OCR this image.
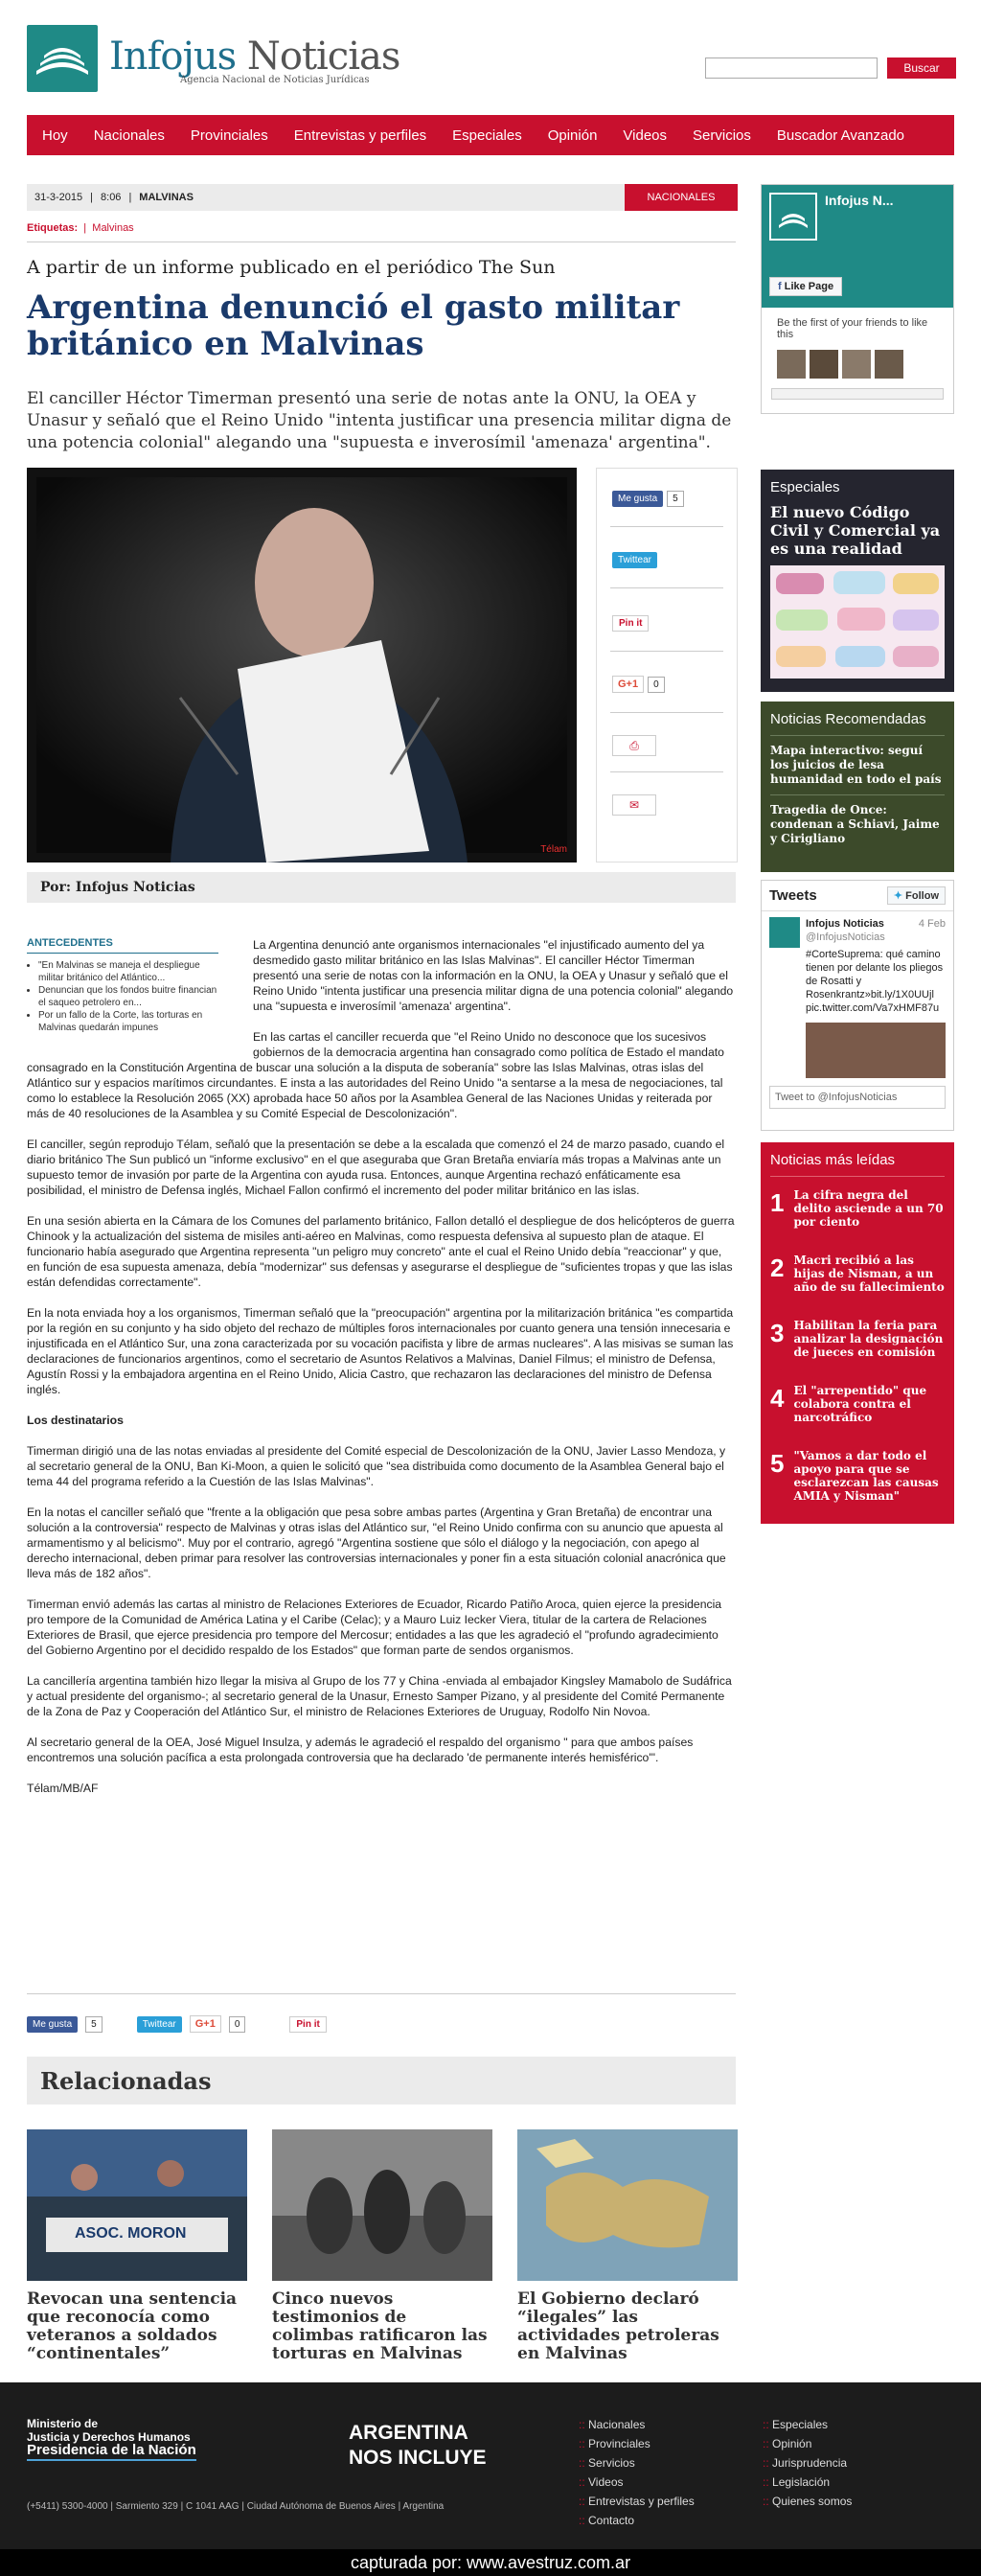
Infojus Noticias
Agencia Nacional de Noticias Jurídicas
Buscar
Hoy Nacionales Provinciales Entrevistas y perfiles Especiales Opinión Videos Servicios Buscador Avanzado
31-3-2015 | 8:06 | MALVINAS	NACIONALES
Etiquetas:  |  Malvinas
A partir de un informe publicado en el periódico The Sun
Argentina denunció el gasto militar británico en Malvinas
El canciller Héctor Timerman presentó una serie de notas ante la ONU, la OEA y Unasur y señaló que el Reino Unido "intenta justificar una presencia militar digna de una potencia colonial" alegando una "supuesta e inverosímil 'amenaza' argentina".
Télam
Me gusta	5
Twittear
Pin it
G+1	0
⎙
✉
Por: Infojus Noticias
ANTECEDENTES
• "En Malvinas se maneja el despliegue militar británico del Atlántico...
• Denuncian que los fondos buitre financian el saqueo petrolero en...
• Por un fallo de la Corte, las torturas en Malvinas quedarán impunes

La Argentina denunció ante organismos internacionales "el injustificado aumento del ya desmedido gasto militar británico en las Islas Malvinas". El canciller Héctor Timerman presentó una serie de notas con la información en la ONU, la OEA y Unasur y señaló que el Reino Unido "intenta justificar una presencia militar digna de una potencia colonial" alegando una "supuesta e inverosímil 'amenaza' argentina".

En las cartas el canciller recuerda que "el Reino Unido no desconoce que los sucesivos gobiernos de la democracia argentina han consagrado como política de Estado el mandato consagrado en la Constitución Argentina de buscar una solución a la disputa de soberanía" sobre las Islas Malvinas, otras islas del Atlántico sur y espacios marítimos circundantes. E insta a las autoridades del Reino Unido "a sentarse a la mesa de negociaciones, tal como lo establece la Resolución 2065 (XX) aprobada hace 50 años por la Asamblea General de las Naciones Unidas y reiterada por más de 40 resoluciones de la Asamblea y su Comité Especial de Descolonización".

El canciller, según reprodujo Télam, señaló que la presentación se debe a la escalada que comenzó el 24 de marzo pasado, cuando el diario británico The Sun publicó un "informe exclusivo" en el que aseguraba que Gran Bretaña enviaría más tropas a Malvinas ante un supuesto temor de invasión por parte de la Argentina con ayuda rusa. Entonces, aunque Argentina rechazó enfáticamente esa posibilidad, el ministro de Defensa inglés, Michael Fallon confirmó el incremento del poder militar británico en las islas.

En una sesión abierta en la Cámara de los Comunes del parlamento británico, Fallon detalló el despliegue de dos helicópteros de guerra Chinook y la actualización del sistema de misiles anti-aéreo en Malvinas, como respuesta defensiva al supuesto plan de ataque. El funcionario había asegurado que Argentina representa "un peligro muy concreto" ante el cual el Reino Unido debía "reaccionar" y que, en función de esa supuesta amenaza, debía "modernizar" sus defensas y asegurarse el despliegue de "suficientes tropas y que las islas están defendidas correctamente".

En la nota enviada hoy a los organismos, Timerman señaló que la "preocupación" argentina por la militarización británica "es compartida por la región en su conjunto y ha sido objeto del rechazo de múltiples foros internacionales por cuanto genera una tensión innecesaria e injustificada en el Atlántico Sur, una zona caracterizada por su vocación pacifista y libre de armas nucleares". A las misivas se suman las declaraciones de funcionarios argentinos, como el secretario de Asuntos Relativos a Malvinas, Daniel Filmus; el ministro de Defensa, Agustín Rossi y la embajadora argentina en el Reino Unido, Alicia Castro, que rechazaron las declaraciones del ministro de Defensa inglés.

Los destinatarios

Timerman dirigió una de las notas enviadas al presidente del Comité especial de Descolonización de la ONU, Javier Lasso Mendoza, y al secretario general de la ONU, Ban Ki-Moon, a quien le solicitó que "sea distribuida como documento de la Asamblea General bajo el tema 44 del programa referido a la Cuestión de las Islas Malvinas".

En la notas el canciller señaló que "frente a la obligación que pesa sobre ambas partes (Argentina y Gran Bretaña) de encontrar una solución a la controversia" respecto de Malvinas y otras islas del Atlántico sur, "el Reino Unido confirma con su anuncio que apuesta al armamentismo y al belicismo". Muy por el contrario, agregó "Argentina sostiene que sólo el diálogo y la negociación, con apego al derecho internacional, deben primar para resolver las controversias internacionales y poner fin a esta situación colonial anacrónica que lleva más de 182 años".

Timerman envió además las cartas al ministro de Relaciones Exteriores de Ecuador, Ricardo Patiño Aroca, quien ejerce la presidencia pro tempore de la Comunidad de América Latina y el Caribe (Celac); y a Mauro Luiz Iecker Viera, titular de la cartera de Relaciones Exteriores de Brasil, que ejerce presidencia pro tempore del Mercosur; entidades a las que les agradeció el "profundo agradecimiento del Gobierno Argentino por el decidido respaldo de los Estados" que forman parte de sendos organismos.

La cancillería argentina también hizo llegar la misiva al Grupo de los 77 y China -enviada al embajador Kingsley Mamabolo de Sudáfrica y actual presidente del organismo-; al secretario general de la Unasur, Ernesto Samper Pizano, y al presidente del Comité Permanente de la Zona de Paz y Cooperación del Atlántico Sur, el ministro de Relaciones Exteriores de Uruguay, Rodolfo Nin Novoa.

Al secretario general de la OEA, José Miguel Insulza, y además le agradeció el respaldo del organismo " para que ambos países encontremos una solución pacífica a esta prolongada controversia que ha declarado 'de permanente interés hemisférico'".

Télam/MB/AF

Infojus N...
f Like Page
Be the first of your friends to like this
Especiales
El nuevo Código Civil y Comercial ya es una realidad
Noticias Recomendadas
Mapa interactivo: seguí los juicios de lesa humanidad en todo el país
Tragedia de Once: condenan a Schiavi, Jaime y Cirigliano
Tweets	✦ Follow
Infojus Noticias	4 Feb

@InfojusNoticias
#CorteSuprema: qué camino tienen por delante los pliegos de Rosatti y Rosenkrantz»bit.ly/1X0UUjl pic.twitter.com/Va7xHMF87u
Tweet to @InfojusNoticias
Noticias más leídas
1 La cifra negra del delito asciende a un 70 por ciento
2 Macri recibió a las hijas de Nisman, a un año de su fallecimiento
3 Habilitan la feria para analizar la designación de jueces en comisión
4 El "arrepentido" que colabora contra el narcotráfico
5 "Vamos a dar todo el apoyo para que se esclarezcan las causas AMIA y Nisman"
Me gusta	5	Twittear	G+1	0	Pin it
Relacionadas
ASOC. MORON
Revocan una sentencia que reconocía como veteranos a soldados “continentales”
Cinco nuevos testimonios de colimbas ratificaron las torturas en Malvinas
El Gobierno declaró “ilegales” las actividades petroleras en Malvinas
Ministerio de
Justicia y Derechos Humanos
Presidencia de la Nación
ARGENTINA
NOS INCLUYE
(+5411) 5300-4000 | Sarmiento 329 | C 1041 AAG | Ciudad Autónoma de Buenos Aires | Argentina
:: Nacionales
:: Provinciales
:: Servicios
:: Videos
:: Entrevistas y perfiles
:: Contacto
:: Especiales
:: Opinión
:: Jurisprudencia
:: Legislación
:: Quienes somos
capturada por: www.avestruz.com.ar
